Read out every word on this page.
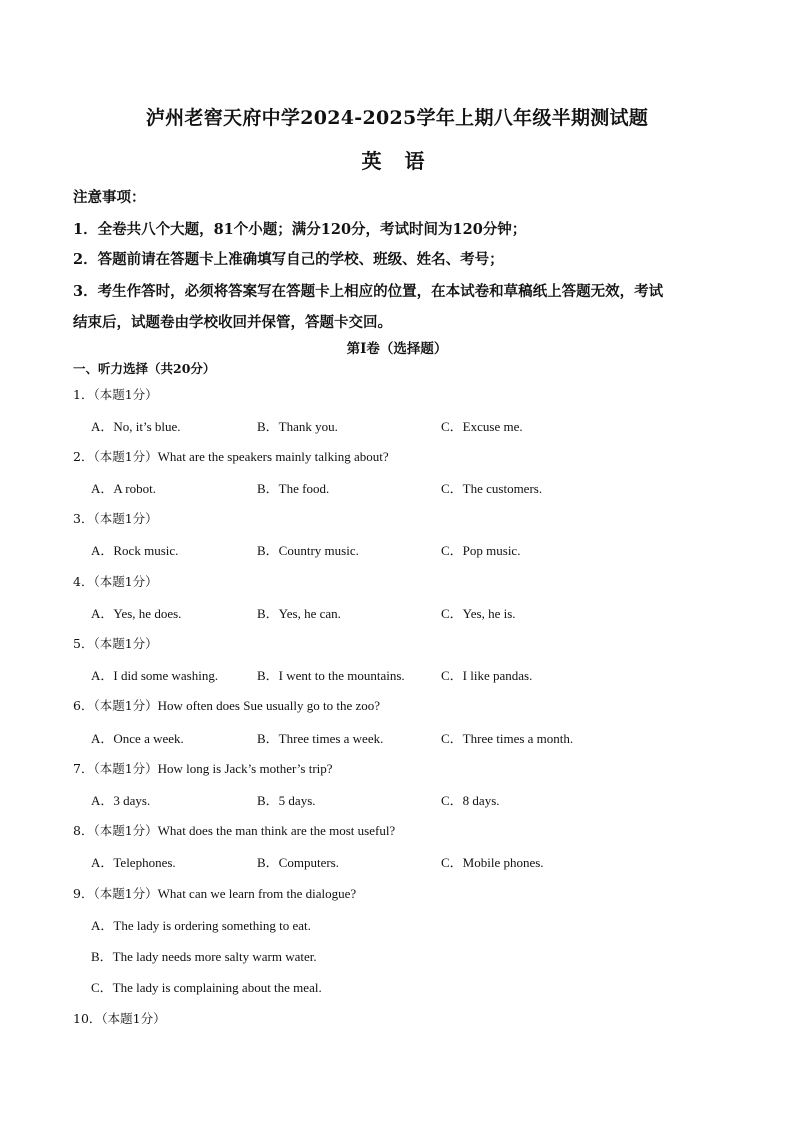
泸州老窖天府中学2024-2025学年上期八年级半期测试题
英 语
注意事项：
1．全卷共八个大题，81个小题；满分120分，考试时间为120分钟；
2．答题前请在答题卡上准确填写自己的学校、班级、姓名、考号；
3．考生作答时，必须将答案写在答题卡上相应的位置，在本试卷和草稿纸上答题无效，考试
结束后，试题卷由学校收回并保管，答题卡交回。
第Ⅰ卷（选择题）
一、听力选择（共20分）
1．（本题1分）
A．No, it’s blue.	B．Thank you.	C．Excuse me.
2．（本题1分）What are the speakers mainly talking about?
A．A robot.	B．The food.	C．The customers.
3．（本题1分）
A．Rock music.	B．Country music.	C．Pop music.
4．（本题1分）
A．Yes, he does.	B．Yes, he can.	C．Yes, he is.
5．（本题1分）
A．I did some washing.	B．I went to the mountains.	C．I like pandas.
6．（本题1分）How often does Sue usually go to the zoo?
A．Once a week.	B．Three times a week.	C．Three times a month.
7．（本题1分）How long is Jack’s mother’s trip?
A．3 days.	B．5 days.	C．8 days.
8．（本题1分）What does the man think are the most useful?
A．Telephones.	B．Computers.	C．Mobile phones.
9．（本题1分）What can we learn from the dialogue?
A．The lady is ordering something to eat.
B．The lady needs more salty warm water.
C．The lady is complaining about the meal.
10．（本题1分）
